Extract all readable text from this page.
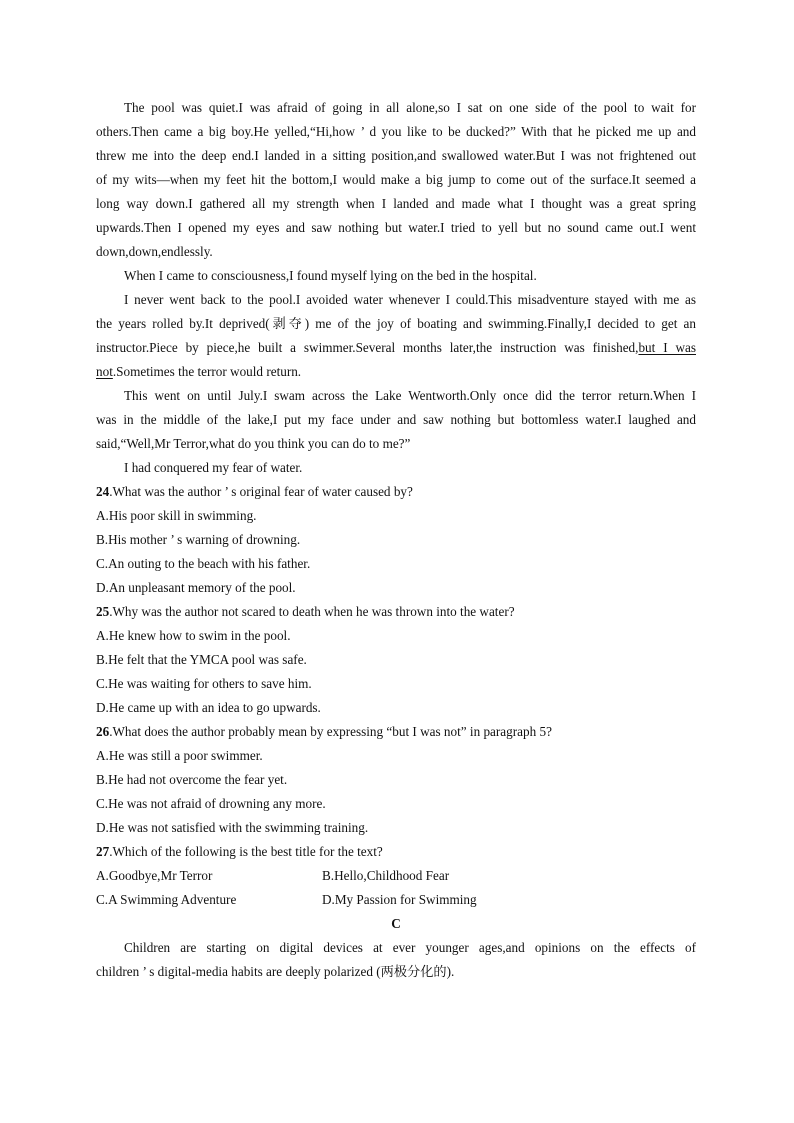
The pool was quiet.I was afraid of going in all alone,so I sat on one side of the pool to wait for
others.Then came a big boy.He yelled,“Hi,how ’ d you like to be ducked?” With that he picked me up and
threw me into the deep end.I landed in a sitting position,and swallowed water.But I was not frightened out
of my wits—when my feet hit the bottom,I would make a big jump to come out of the surface.It seemed a
long way down.I gathered all my strength when I landed and made what I thought was a great spring
upwards.Then I opened my eyes and saw nothing but water.I tried to yell but no sound came out.I went
down,down,endlessly.
When I came to consciousness,I found myself lying on the bed in the hospital.
I never went back to the pool.I avoided water whenever I could.This misadventure stayed with me as
the years rolled by.It deprived(剥夺) me of the joy of boating and swimming.Finally,I decided to get an
instructor.Piece by piece,he built a swimmer.Several months later,the instruction was finished,but I was
not.Sometimes the terror would return.
This went on until July.I swam across the Lake Wentworth.Only once did the terror return.When I
was in the middle of the lake,I put my face under and saw nothing but bottomless water.I laughed and
said,“Well,Mr Terror,what do you think you can do to me?”
I had conquered my fear of water.
24.What was the author ’ s original fear of water caused by?
A.His poor skill in swimming.
B.His mother ’ s warning of drowning.
C.An outing to the beach with his father.
D.An unpleasant memory of the pool.
25.Why was the author not scared to death when he was thrown into the water?
A.He knew how to swim in the pool.
B.He felt that the YMCA pool was safe.
C.He was waiting for others to save him.
D.He came up with an idea to go upwards.
26.What does the author probably mean by expressing “but I was not” in paragraph 5?
A.He was still a poor swimmer.
B.He had not overcome the fear yet.
C.He was not afraid of drowning any more.
D.He was not satisfied with the swimming training.
27.Which of the following is the best title for the text?
A.Goodbye,Mr Terror	B.Hello,Childhood Fear
C.A Swimming Adventure	D.My Passion for Swimming
C
Children are starting on digital devices at ever younger ages,and opinions on the effects of
children ’ s digital-media habits are deeply polarized (两极分化的).
